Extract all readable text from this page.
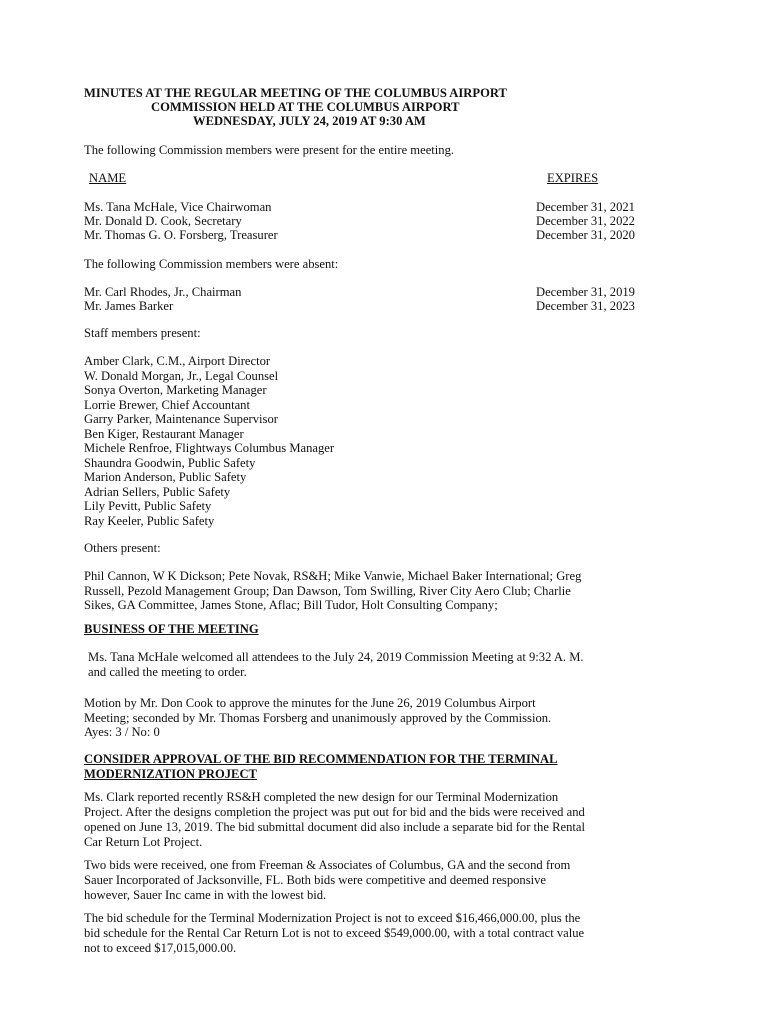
MINUTES AT THE REGULAR MEETING OF THE COLUMBUS AIRPORT
COMMISSION HELD AT THE COLUMBUS AIRPORT
WEDNESDAY, JULY 24, 2019 AT 9:30 AM
The following Commission members were present for the entire meeting.
NAME	EXPIRES
Ms. Tana McHale, Vice Chairwoman	December 31, 2021
Mr. Donald D. Cook, Secretary	December 31, 2022
Mr. Thomas G. O. Forsberg, Treasurer	December 31, 2020
The following Commission members were absent:
Mr. Carl Rhodes, Jr., Chairman	December 31, 2019
Mr. James Barker	December 31, 2023
Staff members present:
Amber Clark, C.M., Airport Director
W. Donald Morgan, Jr., Legal Counsel
Sonya Overton, Marketing Manager
Lorrie Brewer, Chief Accountant
Garry Parker, Maintenance Supervisor
Ben Kiger, Restaurant Manager
Michele Renfroe, Flightways Columbus Manager
Shaundra Goodwin, Public Safety
Marion Anderson, Public Safety
Adrian Sellers, Public Safety
Lily Pevitt, Public Safety
Ray Keeler, Public Safety
Others present:
Phil Cannon, W K Dickson; Pete Novak, RS&H; Mike Vanwie, Michael Baker International; Greg
Russell, Pezold Management Group; Dan Dawson, Tom Swilling, River City Aero Club; Charlie
Sikes, GA Committee, James Stone, Aflac; Bill Tudor, Holt Consulting Company;
BUSINESS OF THE MEETING
Ms. Tana McHale welcomed all attendees to the July 24, 2019 Commission Meeting at 9:32 A. M.
and called the meeting to order.
Motion by Mr. Don Cook to approve the minutes for the June 26, 2019 Columbus Airport
Meeting; seconded by Mr. Thomas Forsberg and unanimously approved by the Commission.
Ayes: 3 / No: 0
CONSIDER APPROVAL OF THE BID RECOMMENDATION FOR THE TERMINAL
MODERNIZATION PROJECT
Ms. Clark reported recently RS&H completed the new design for our Terminal Modernization
Project. After the designs completion the project was put out for bid and the bids were received and
opened on June 13, 2019. The bid submittal document did also include a separate bid for the Rental
Car Return Lot Project.
Two bids were received, one from Freeman & Associates of Columbus, GA and the second from
Sauer Incorporated of Jacksonville, FL. Both bids were competitive and deemed responsive
however, Sauer Inc came in with the lowest bid.
The bid schedule for the Terminal Modernization Project is not to exceed $16,466,000.00, plus the
bid schedule for the Rental Car Return Lot is not to exceed $549,000.00, with a total contract value
not to exceed $17,015,000.00.
